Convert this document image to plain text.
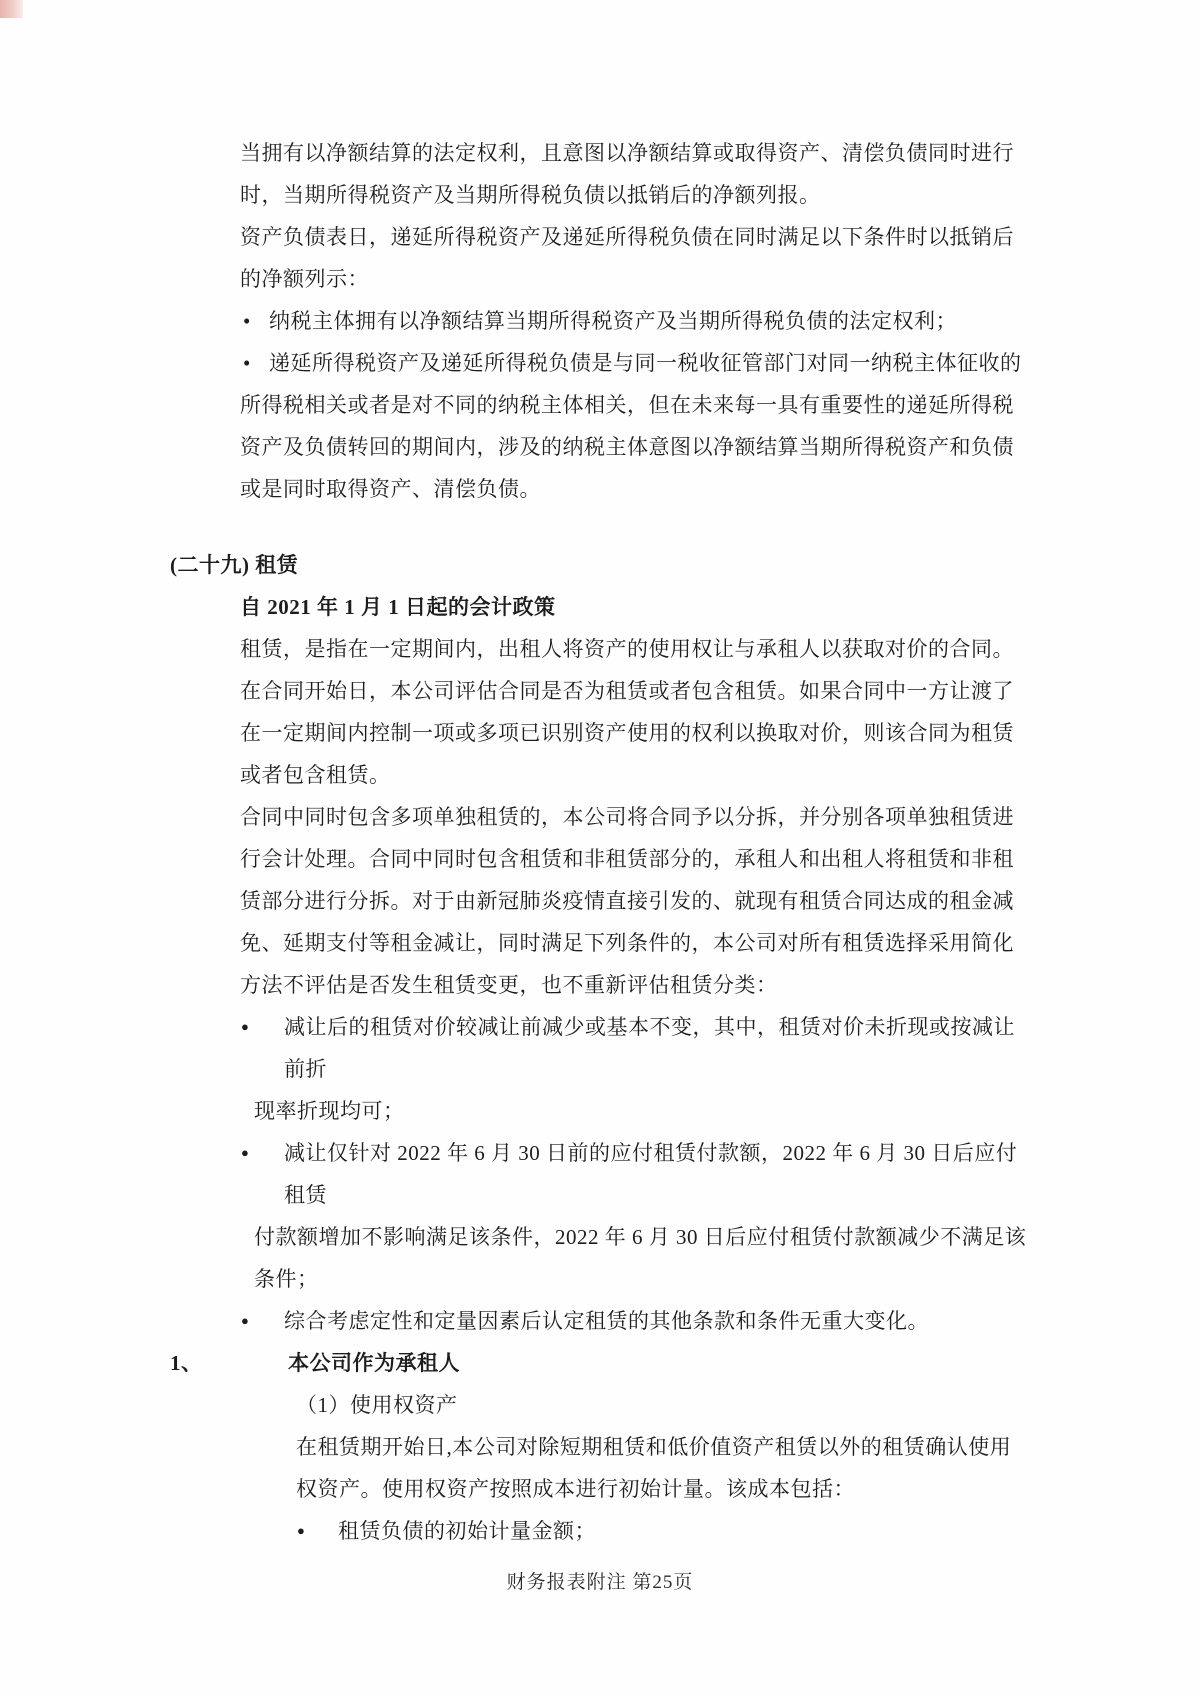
当拥有以净额结算的法定权利，且意图以净额结算或取得资产、清偿负债同时进行
时，当期所得税资产及当期所得税负债以抵销后的净额列报。
资产负债表日，递延所得税资产及递延所得税负债在同时满足以下条件时以抵销后
的净额列示：
• 纳税主体拥有以净额结算当期所得税资产及当期所得税负债的法定权利；
• 递延所得税资产及递延所得税负债是与同一税收征管部门对同一纳税主体征收的
所得税相关或者是对不同的纳税主体相关，但在未来每一具有重要性的递延所得税
资产及负债转回的期间内，涉及的纳税主体意图以净额结算当期所得税资产和负债
或是同时取得资产、清偿负债。
(二十九) 租赁
自 2021 年 1 月 1 日起的会计政策
租赁，是指在一定期间内，出租人将资产的使用权让与承租人以获取对价的合同。
在合同开始日，本公司评估合同是否为租赁或者包含租赁。如果合同中一方让渡了
在一定期间内控制一项或多项已识别资产使用的权利以换取对价，则该合同为租赁
或者包含租赁。
合同中同时包含多项单独租赁的，本公司将合同予以分拆，并分别各项单独租赁进
行会计处理。合同中同时包含租赁和非租赁部分的，承租人和出租人将租赁和非租
赁部分进行分拆。对于由新冠肺炎疫情直接引发的、就现有租赁合同达成的租金减
免、延期支付等租金减让，同时满足下列条件的，本公司对所有租赁选择采用简化
方法不评估是否发生租赁变更，也不重新评估租赁分类：
● 减让后的租赁对价较减让前减少或基本不变，其中，租赁对价未折现或按减让
前折
现率折现均可；
● 减让仅针对 2022 年 6 月 30 日前的应付租赁付款额，2022 年 6 月 30 日后应付
租赁
付款额增加不影响满足该条件，2022 年 6 月 30 日后应付租赁付款额减少不满足该
条件；
● 综合考虑定性和定量因素后认定租赁的其他条款和条件无重大变化。
1、	本公司作为承租人
（1）使用权资产
在租赁期开始日,本公司对除短期租赁和低价值资产租赁以外的租赁确认使用
权资产。使用权资产按照成本进行初始计量。该成本包括：
● 租赁负债的初始计量金额；
财务报表附注 第25页
